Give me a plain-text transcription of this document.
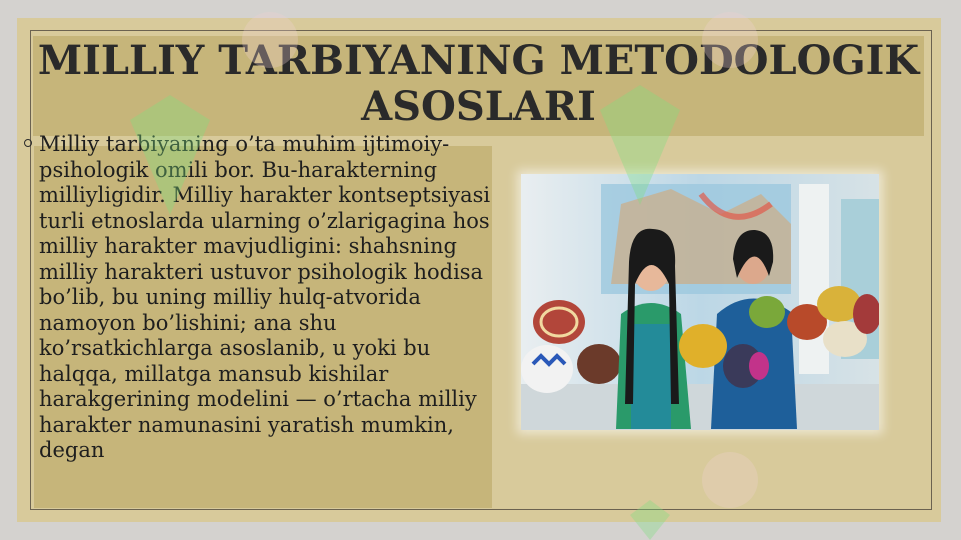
MILLIY TARBIYANING METODOLOGIK ASOSLARI

Milliy tarbiyaning o’ta muhim ijtimoiy-psihologik omili bor. Bu-harakterning milliyligidir. Milliy harakter kontseptsiyasi turli etnoslarda ularning o’zlarigagina hos milliy harakter mavjudligini: shahsning milliy harakteri ustuvor psihologik hodisa bo’lib, bu uning milliy hulq-atvorida namoyon bo’lishini; ana shu ko’rsatkichlarga asoslanib, u yoki bu halqqa, millatga mansub kishilar harakgerining modelini — o’rtacha milliy harakter namunasini yaratish mumkin, degan
